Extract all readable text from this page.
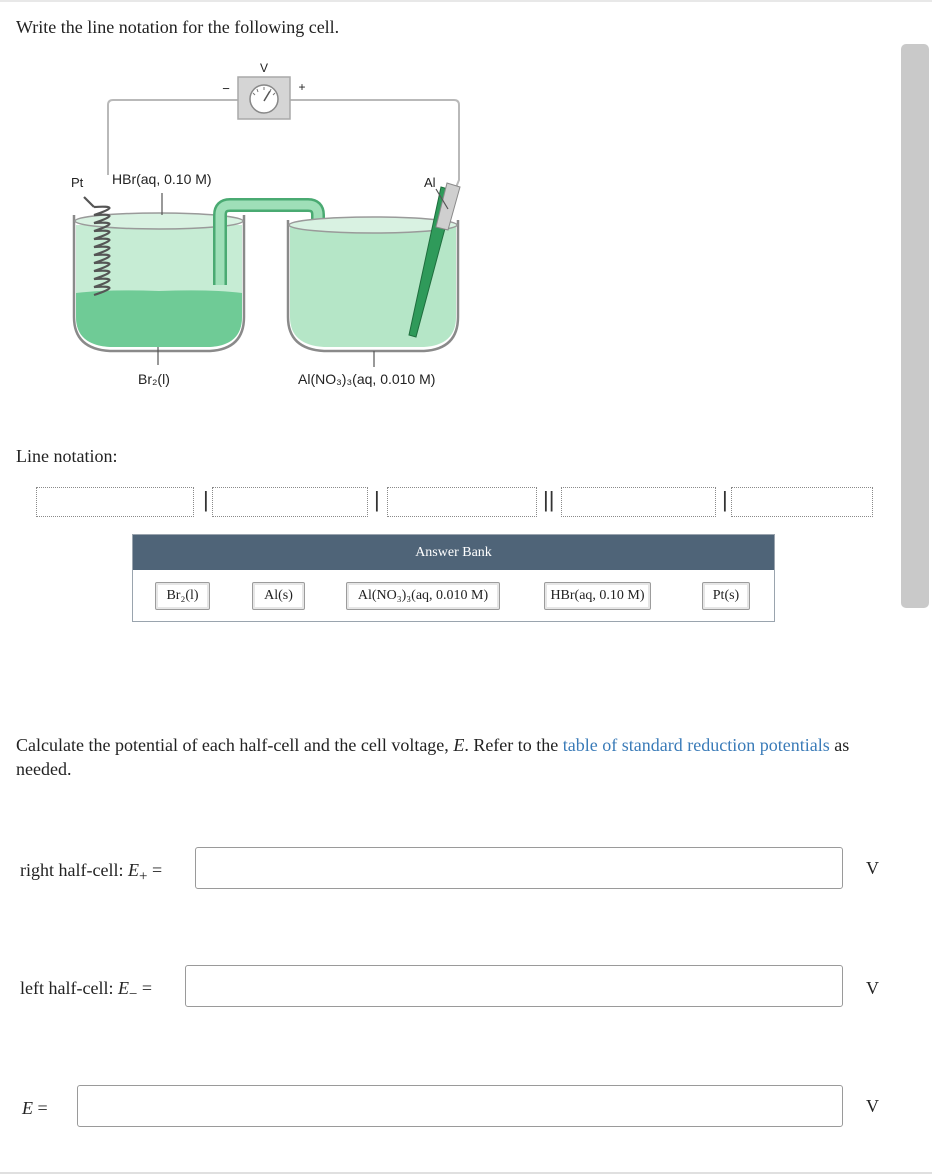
Write the line notation for the following cell.
V
−	+
Pt HBr(aq, 0.10 M)	Al
Br₂(l)	Al(NO₃)₃(aq, 0.010 M)
Line notation:
|	|	||	|
Answer Bank
Br₂(l)	Al(s)	Al(NO₃)₃(aq, 0.010 M)	HBr(aq, 0.10 M)	Pt(s)
Calculate the potential of each half-cell and the cell voltage, E. Refer to the table of standard reduction potentials as needed.
right half-cell: $E_+$ =	V
left half-cell: $E_-$ =	V
E =	V
